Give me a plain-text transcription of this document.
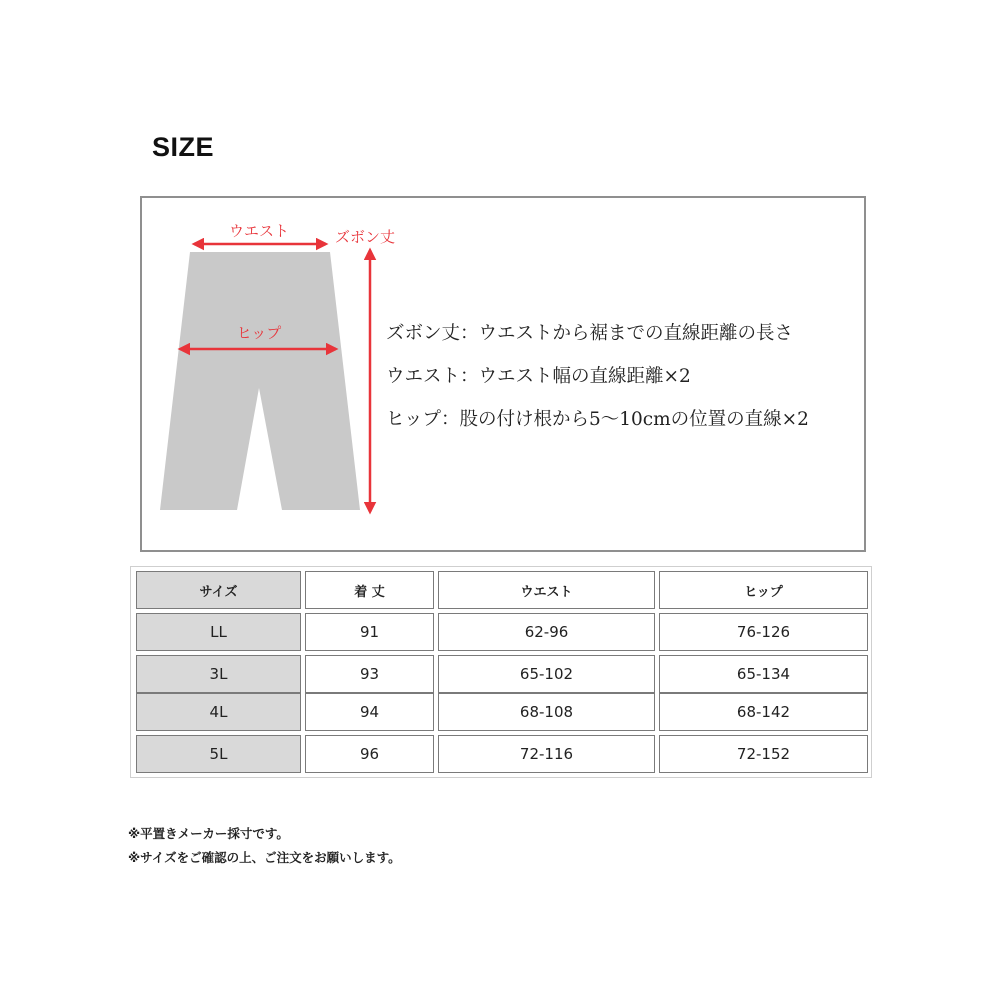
SIZE
ウエスト
ヒップ
ズボン丈
ズボン丈：ウエストから裾までの直線距離の長さ
ウエスト：ウエスト幅の直線距離×2
ヒップ：股の付け根から5～10cmの位置の直線×2
サイズ	着 丈	ウエスト	ヒップ
LL	91	62-96	76-126
3L	93	65-102	65-134
4L	94	68-108	68-142
5L	96	72-116	72-152
※平置きメーカー採寸です。
※サイズをご確認の上、ご注文をお願いします。
